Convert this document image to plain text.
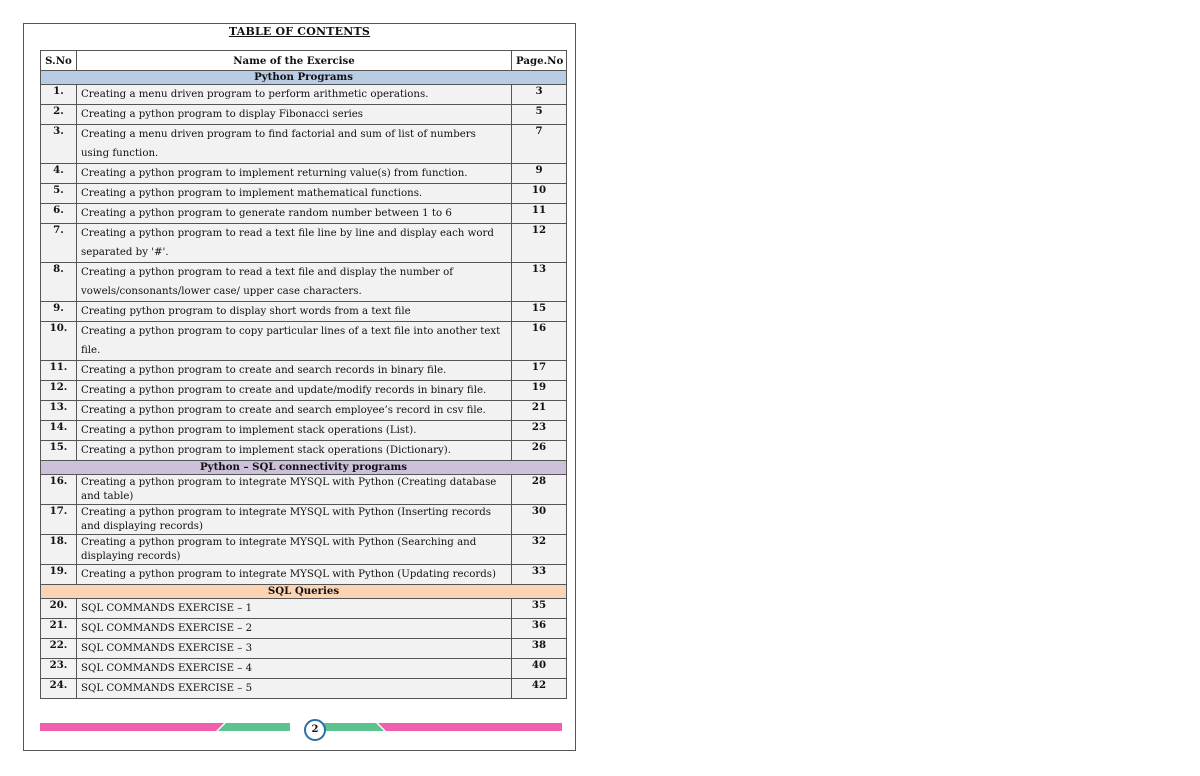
TABLE OF CONTENTS
S.No	Name of the Exercise	Page.No
Python Programs		
1.	Creating a menu driven program to perform arithmetic operations.	3
2.	Creating a python program to display Fibonacci series	5
3.	Creating a menu driven program to find factorial and sum of list of numbers using function.	7
4.	Creating a python program to implement returning value(s) from function.	9
5.	Creating a python program to implement mathematical functions.	10
6.	Creating a python program to generate random number between 1 to 6	11
7.	Creating a python program to read a text file line by line and display each word separated by '#'.	12
8.	Creating a python program to read a text file and display the number of vowels/consonants/lower case/ upper case characters.	13
9.	Creating python program to display short words from a text file	15
10.	Creating a python program to copy particular lines of a text file into another text file.	16
11.	Creating a python program to create and search records in binary file.	17
12.	Creating a python program to create and update/modify records in binary file.	19
13.	Creating a python program to create and search employee’s record in csv file.	21
14.	Creating a python program to implement stack operations (List).	23
15.	Creating a python program to implement stack operations (Dictionary).	26
Python – SQL connectivity programs		
16.	Creating a python program to integrate MYSQL with Python (Creating database and table)	28
17.	Creating a python program to integrate MYSQL with Python (Inserting records and displaying records)	30
18.	Creating a python program to integrate MYSQL with Python (Searching and displaying records)	32
19.	Creating a python program to integrate MYSQL with Python (Updating records)	33
SQL Queries		
20.	SQL COMMANDS EXERCISE – 1	35
21.	SQL COMMANDS EXERCISE – 2	36
22.	SQL COMMANDS EXERCISE – 3	38
23.	SQL COMMANDS EXERCISE – 4	40
24.	SQL COMMANDS EXERCISE – 5	42
2
